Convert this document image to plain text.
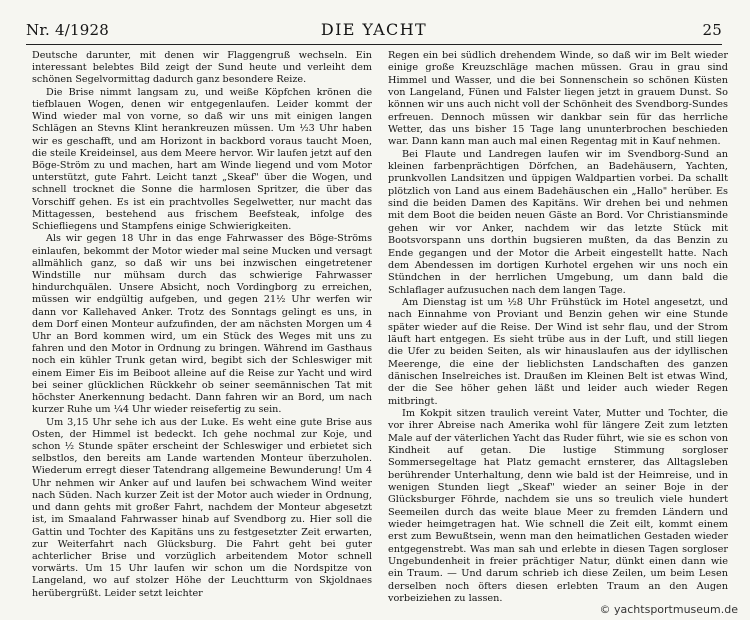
Nr. 4/1928	DIE YACHT	25

Deutsche darunter, mit denen wir Flaggengruß wechseln. Ein interessant belebtes Bild zeigt der Sund heute und verleiht dem schönen Segelvormittag dadurch ganz besondere Reize.

Die Brise nimmt langsam zu, und weiße Köpfchen krönen die tiefblauen Wogen, denen wir entgegenlaufen. Leider kommt der Wind wieder mal von vorne, so daß wir uns mit einigen langen Schlägen an Stevns Klint herankreuzen müssen. Um ½3 Uhr haben wir es geschafft, und am Horizont in backbord voraus taucht Moen, die steile Kreideinsel, aus dem Meere hervor. Wir laufen jetzt auf den Böge-Ström zu und machen, hart am Winde liegend und vom Motor unterstützt, gute Fahrt. Leicht tanzt „Skeaf" über die Wogen, und schnell trocknet die Sonne die harmlosen Spritzer, die über das Vorschiff gehen. Es ist ein prachtvolles Segelwetter, nur macht das Mittagessen, bestehend aus frischem Beefsteak, infolge des Schiefliegens und Stampfens einige Schwierigkeiten.

Als wir gegen 18 Uhr in das enge Fahrwasser des Böge-Ströms einlaufen, bekommt der Motor wieder mal seine Mucken und versagt allmählich ganz, so daß wir uns bei inzwischen eingetretener Windstille nur mühsam durch das schwierige Fahrwasser hindurchquälen. Unsere Absicht, noch Vordingborg zu erreichen, müssen wir endgültig aufgeben, und gegen 21½ Uhr werfen wir dann vor Kallehaved Anker. Trotz des Sonntags gelingt es uns, in dem Dorf einen Monteur aufzufinden, der am nächsten Morgen um 4 Uhr an Bord kommen wird, um ein Stück des Weges mit uns zu fahren und den Motor in Ordnung zu bringen. Während im Gasthaus noch ein kühler Trunk getan wird, begibt sich der Schleswiger mit einem Eimer Eis im Beiboot alleine auf die Reise zur Yacht und wird bei seiner glücklichen Rückkehr ob seiner seemännischen Tat mit höchster Anerkennung bedacht. Dann fahren wir an Bord, um nach kurzer Ruhe um ¼4 Uhr wieder reisefertig zu sein.

Um 3,15 Uhr sehe ich aus der Luke. Es weht eine gute Brise aus Osten, der Himmel ist bedeckt. Ich gehe nochmal zur Koje, und schon ½ Stunde später erscheint der Schleswiger und erbietet sich selbstlos, den bereits am Lande wartenden Monteur überzuholen. Wiederum erregt dieser Tatendrang allgemeine Bewunderung! Um 4 Uhr nehmen wir Anker auf und laufen bei schwachem Wind weiter nach Süden. Nach kurzer Zeit ist der Motor auch wieder in Ordnung, und dann gehts mit großer Fahrt, nachdem der Monteur abgesetzt ist, im Smaaland Fahrwasser hinab auf Svendborg zu. Hier soll die Gattin und Tochter des Kapitäns uns zu festgesetzter Zeit erwarten, zur Weiterfahrt nach Glücksburg. Die Fahrt geht bei guter achterlicher Brise und vorzüglich arbeitendem Motor schnell vorwärts. Um 15 Uhr laufen wir schon um die Nordspitze von Langeland, wo auf stolzer Höhe der Leuchtturm von Skjoldnaes herübergrüßt. Leider setzt leichter

Regen ein bei südlich drehendem Winde, so daß wir im Belt wieder einige große Kreuzschläge machen müssen. Grau in grau sind Himmel und Wasser, und die bei Sonnenschein so schönen Küsten von Langeland, Fünen und Falster liegen jetzt in grauem Dunst. So können wir uns auch nicht voll der Schönheit des Svendborg-Sundes erfreuen. Dennoch müssen wir dankbar sein für das herrliche Wetter, das uns bisher 15 Tage lang ununterbrochen beschieden war. Dann kann man auch mal einen Regentag mit in Kauf nehmen.

Bei Flaute und Landregen laufen wir im Svendborg-Sund an kleinen farbenprächtigen Dörfchen, an Badehäusern, Yachten, prunkvollen Landsitzen und üppigen Waldpartien vorbei. Da schallt plötzlich von Land aus einem Badehäuschen ein „Hallo" herüber. Es sind die beiden Damen des Kapitäns. Wir drehen bei und nehmen mit dem Boot die beiden neuen Gäste an Bord. Vor Christiansminde gehen wir vor Anker, nachdem wir das letzte Stück mit Bootsvorspann uns dorthin bugsieren mußten, da das Benzin zu Ende gegangen und der Motor die Arbeit eingestellt hatte. Nach dem Abendessen im dortigen Kurhotel ergehen wir uns noch ein Stündchen in der herrlichen Umgebung, um dann bald die Schlaflager aufzusuchen nach dem langen Tage.

Am Dienstag ist um ½8 Uhr Frühstück im Hotel angesetzt, und nach Einnahme von Proviant und Benzin gehen wir eine Stunde später wieder auf die Reise. Der Wind ist sehr flau, und der Strom läuft hart entgegen. Es sieht trübe aus in der Luft, und still liegen die Ufer zu beiden Seiten, als wir hinauslaufen aus der idyllischen Meerenge, die eine der lieblichsten Landschaften des ganzen dänischen Inselreiches ist. Draußen im Kleinen Belt ist etwas Wind, der die See höher gehen läßt und leider auch wieder Regen mitbringt.

Im Kokpit sitzen traulich vereint Vater, Mutter und Tochter, die vor ihrer Abreise nach Amerika wohl für längere Zeit zum letzten Male auf der väterlichen Yacht das Ruder führt, wie sie es schon von Kindheit auf getan. Die lustige Stimmung sorgloser Sommersegeltage hat Platz gemacht ernsterer, das Alltagsleben berührender Unterhaltung, denn wie bald ist der Heimreise, und in wenigen Stunden liegt „Skeaf" wieder an seiner Boje in der Glücksburger Föhrde, nachdem sie uns so treulich viele hundert Seemeilen durch das weite blaue Meer zu fremden Ländern und wieder heimgetragen hat. Wie schnell die Zeit eilt, kommt einem erst zum Bewußtsein, wenn man den heimatlichen Gestaden wieder entgegenstrebt. Was man sah und erlebte in diesen Tagen sorgloser Ungebundenheit in freier prächtiger Natur, dünkt einen dann wie ein Traum. — Und darum schrieb ich diese Zeilen, um beim Lesen derselben noch öfters diesen erlebten Traum an den Augen vorbeiziehen zu lassen.

© yachtsportmuseum.de
